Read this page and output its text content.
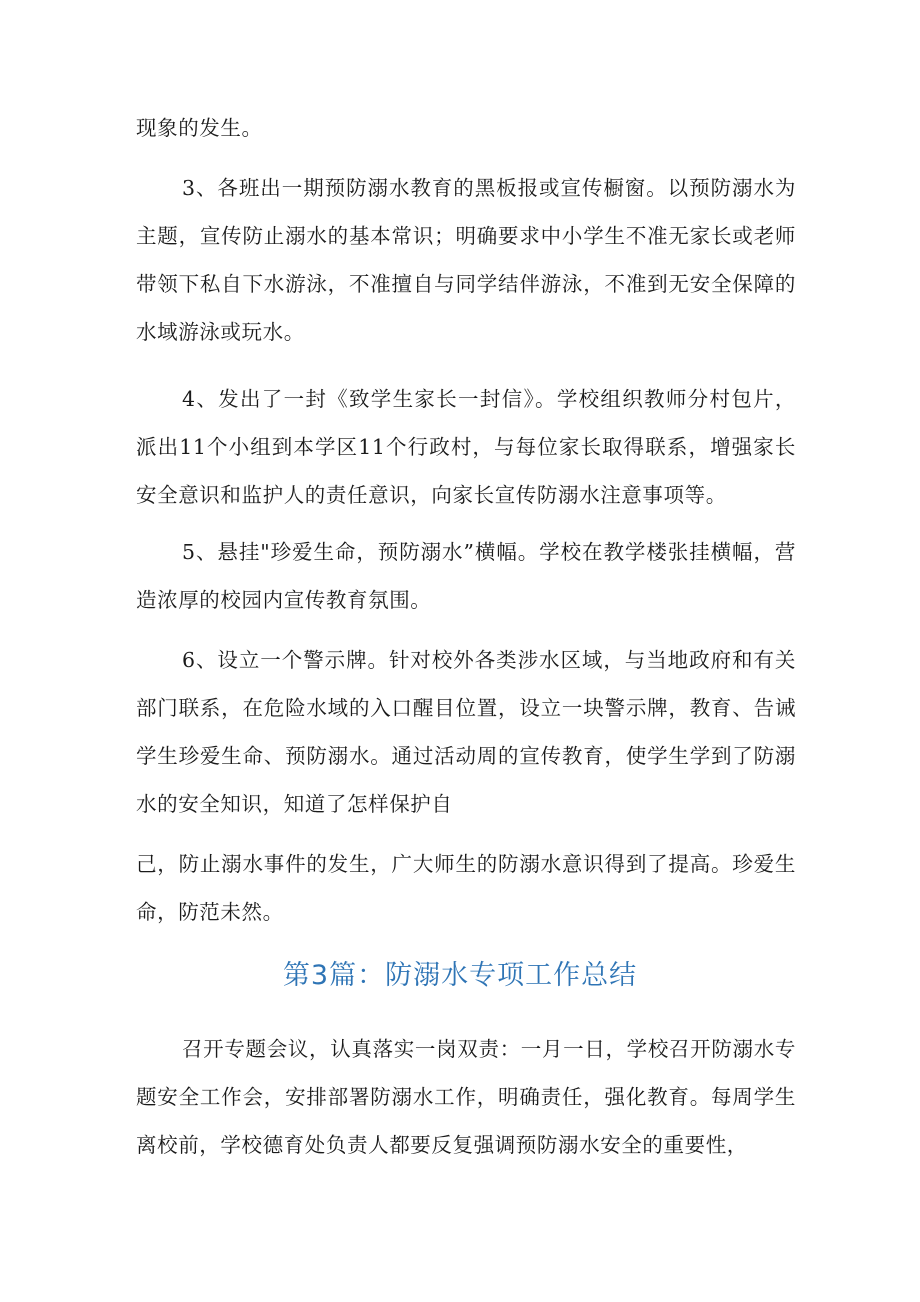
现象的发生。

3、各班出一期预防溺水教育的黑板报或宣传橱窗。以预防溺水为主题，宣传防止溺水的基本常识；明确要求中小学生不准无家长或老师带领下私自下水游泳，不准擅自与同学结伴游泳，不准到无安全保障的水域游泳或玩水。

4、发出了一封《致学生家长一封信》。学校组织教师分村包片，派出11个小组到本学区11个行政村，与每位家长取得联系，增强家长安全意识和监护人的责任意识，向家长宣传防溺水注意事项等。

5、悬挂"珍爱生命，预防溺水”横幅。学校在教学楼张挂横幅，营造浓厚的校园内宣传教育氛围。

6、设立一个警示牌。针对校外各类涉水区域，与当地政府和有关部门联系，在危险水域的入口醒目位置，设立一块警示牌，教育、告诫学生珍爱生命、预防溺水。通过活动周的宣传教育，使学生学到了防溺水的安全知识，知道了怎样保护自

己，防止溺水事件的发生，广大师生的防溺水意识得到了提高。珍爱生命，防范未然。

第3篇：防溺水专项工作总结

召开专题会议，认真落实一岗双责：一月一日，学校召开防溺水专题安全工作会，安排部署防溺水工作，明确责任，强化教育。每周学生离校前，学校德育处负责人都要反复强调预防溺水安全的重要性，
